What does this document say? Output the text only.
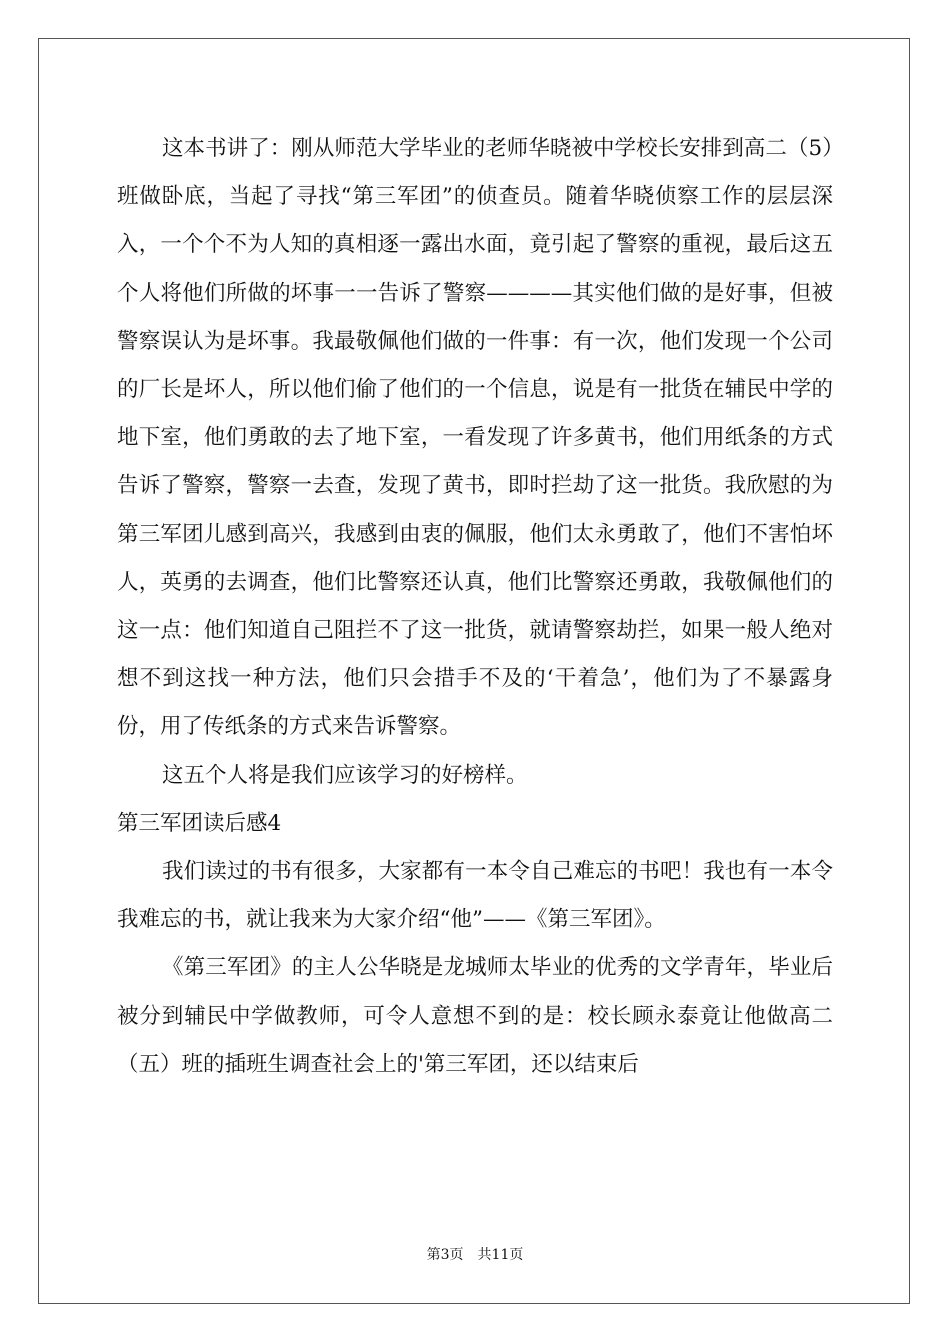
这本书讲了：刚从师范大学毕业的老师华晓被中学校长安排到高二（5）班做卧底，当起了寻找“第三军团”的侦查员。随着华晓侦察工作的层层深入，一个个不为人知的真相逐一露出水面，竟引起了警察的重视，最后这五个人将他们所做的坏事一一告诉了警察————其实他们做的是好事，但被警察误认为是坏事。我最敬佩他们做的一件事：有一次，他们发现一个公司的厂长是坏人，所以他们偷了他们的一个信息，说是有一批货在辅民中学的地下室，他们勇敢的去了地下室，一看发现了许多黄书，他们用纸条的方式告诉了警察，警察一去查，发现了黄书，即时拦劫了这一批货。我欣慰的为第三军团儿感到高兴，我感到由衷的佩服，他们太永勇敢了，他们不害怕坏人，英勇的去调查，他们比警察还认真，他们比警察还勇敢，我敬佩他们的这一点：他们知道自己阻拦不了这一批货，就请警察劫拦，如果一般人绝对想不到这找一种方法，他们只会措手不及的‘干着急’，他们为了不暴露身份，用了传纸条的方式来告诉警察。

这五个人将是我们应该学习的好榜样。

第三军团读后感4

我们读过的书有很多，大家都有一本令自己难忘的书吧！我也有一本令我难忘的书，就让我来为大家介绍“他”——《第三军团》。

《第三军团》的主人公华晓是龙城师太毕业的优秀的文学青年，毕业后被分到辅民中学做教师，可令人意想不到的是：校长顾永泰竟让他做高二（五）班的插班生调查社会上的'第三军团，还以结束后

第3页 共11页
